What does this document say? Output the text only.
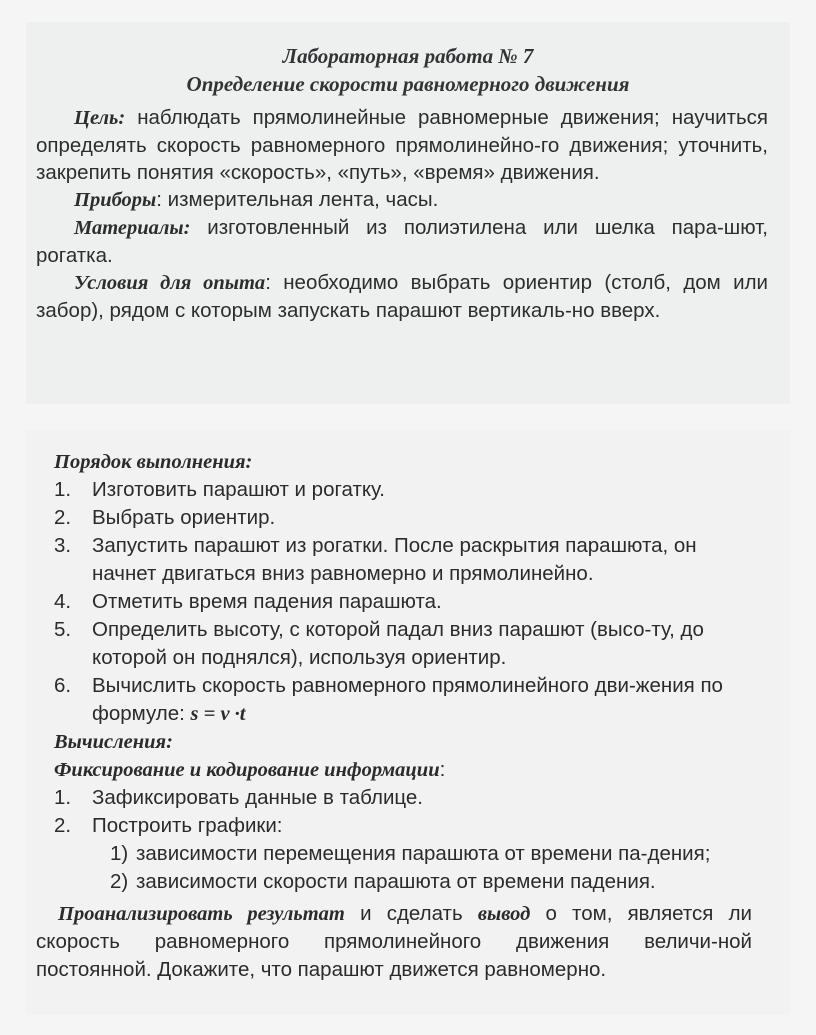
Лабораторная работа № 7
Определение скорости равномерного движения

Цель: наблюдать прямолинейные равномерные движения; научиться определять скорость равномерного прямолинейно-го движения; уточнить, закрепить понятия «скорость», «путь», «время» движения.

Приборы: измерительная лента, часы.

Материалы: изготовленный из полиэтилена или шелка пара-шют, рогатка.

Условия для опыта: необходимо выбрать ориентир (столб, дом или забор), рядом с которым запускать парашют вертикаль-но вверх.

Порядок выполнения:
1. Изготовить парашют и рогатку.
2. Выбрать ориентир.
3. Запустить парашют из рогатки. После раскрытия парашюта, он начнет двигаться вниз равномерно и прямолинейно.
4. Отметить время падения парашюта.
5. Определить высоту, с которой падал вниз парашют (высо-ту, до которой он поднялся), используя ориентир.
6. Вычислить скорость равномерного прямолинейного дви-жения по формуле: s = v ·t
Вычисления:
Фиксирование и кодирование информации:
1. Зафиксировать данные в таблице.
2. Построить графики:
1) зависимости перемещения парашюта от времени па-дения;
2) зависимости скорости парашюта от времени падения.

Проанализировать результат и сделать вывод о том, является ли скорость равномерного прямолинейного движения величи-ной постоянной. Докажите, что парашют движется равномерно.
